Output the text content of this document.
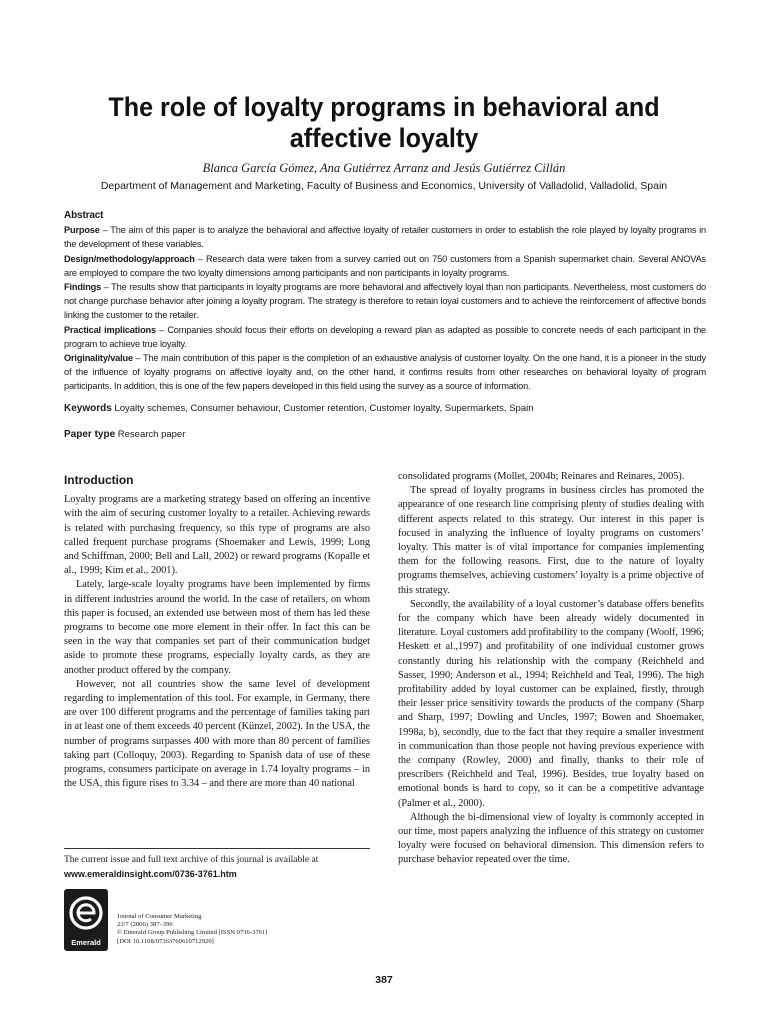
The role of loyalty programs in behavioral and
affective loyalty
Blanca García Gómez, Ana Gutiérrez Arranz and Jesús Gutiérrez Cillán
Department of Management and Marketing, Faculty of Business and Economics, University of Valladolid, Valladolid, Spain
Abstract

Purpose – The aim of this paper is to analyze the behavioral and affective loyalty of retailer customers in order to establish the role played by loyalty programs in the development of these variables.

Design/methodology/approach – Research data were taken from a survey carried out on 750 customers from a Spanish supermarket chain. Several ANOVAs are employed to compare the two loyalty dimensions among participants and non participants in loyalty programs.

Findings – The results show that participants in loyalty programs are more behavioral and affectively loyal than non participants. Nevertheless, most customers do not change purchase behavior after joining a loyalty program. The strategy is therefore to retain loyal customers and to achieve the reinforcement of affective bonds linking the customer to the retailer.

Practical implications – Companies should focus their efforts on developing a reward plan as adapted as possible to concrete needs of each participant in the program to achieve true loyalty.

Originality/value – The main contribution of this paper is the completion of an exhaustive analysis of customer loyalty. On the one hand, it is a pioneer in the study of the influence of loyalty programs on affective loyalty and, on the other hand, it confirms results from other researches on behavioral loyalty of program participants. In addition, this is one of the few papers developed in this field using the survey as a source of information.

Keywords Loyalty schemes, Consumer behaviour, Customer retention, Customer loyalty, Supermarkets, Spain
Paper type Research paper
Introduction

Loyalty programs are a marketing strategy based on offering an incentive with the aim of securing customer loyalty to a retailer. Achieving rewards is related with purchasing frequency, so this type of programs are also called frequent purchase programs (Shoemaker and Lewis, 1999; Long and Schiffman, 2000; Bell and Lall, 2002) or reward programs (Kopalle et al., 1999; Kim et al., 2001).

Lately, large-scale loyalty programs have been implemented by firms in different industries around the world. In the case of retailers, on whom this paper is focused, an extended use between most of them has led these programs to become one more element in their offer. In fact this can be seen in the way that companies set part of their communication budget aside to promote these programs, especially loyalty cards, as they are another product offered by the company.

However, not all countries show the same level of development regarding to implementation of this tool. For example, in Germany, there are over 100 different programs and the percentage of families taking part in at least one of them exceeds 40 percent (Künzel, 2002). In the USA, the number of programs surpasses 400 with more than 80 percent of families taking part (Colloquy, 2003). Regarding to Spanish data of use of these programs, consumers participate on average in 1.74 loyalty programs – in the USA, this figure rises to 3.34 – and there are more than 40 national

consolidated programs (Mollet, 2004b; Reinares and Reinares, 2005).

The spread of loyalty programs in business circles has promoted the appearance of one research line comprising plenty of studies dealing with different aspects related to this strategy. Our interest in this paper is focused in analyzing the influence of loyalty programs on customers’ loyalty. This matter is of vital importance for companies implementing them for the following reasons. First, due to the nature of loyalty programs themselves, achieving customers’ loyalty is a prime objective of this strategy.

Secondly, the availability of a loyal customer’s database offers benefits for the company which have been already widely documented in literature. Loyal customers add profitability to the company (Woolf, 1996; Heskett et al.,1997) and profitability of one individual customer grows constantly during his relationship with the company (Reichheld and Sasser, 1990; Anderson et al., 1994; Reichheld and Teal, 1996). The high profitability added by loyal customer can be explained, firstly, through their lesser price sensitivity towards the products of the company (Sharp and Sharp, 1997; Dowling and Uncles, 1997; Bowen and Shoemaker, 1998a, b), secondly, due to the fact that they require a smaller investment in communication than those people not having previous experience with the company (Rowley, 2000) and finally, thanks to their role of prescribers (Reichheld and Teal, 1996). Besides, true loyalty based on emotional bonds is hard to copy, so it can be a competitive advantage (Palmer et al., 2000).

Although the bi-dimensional view of loyalty is commonly accepted in our time, most papers analyzing the influence of this strategy on customer loyalty were focused on behavioral dimension. This dimension refers to purchase behavior repeated over the time.

The current issue and full text archive of this journal is available at
www.emeraldinsight.com/0736-3761.htm
Emerald
Journal of Consumer Marketing
23/7 (2006) 387–396
© Emerald Group Publishing Limited [ISSN 0736-3761]
[DOI 10.1108/07363760610712920]
387
